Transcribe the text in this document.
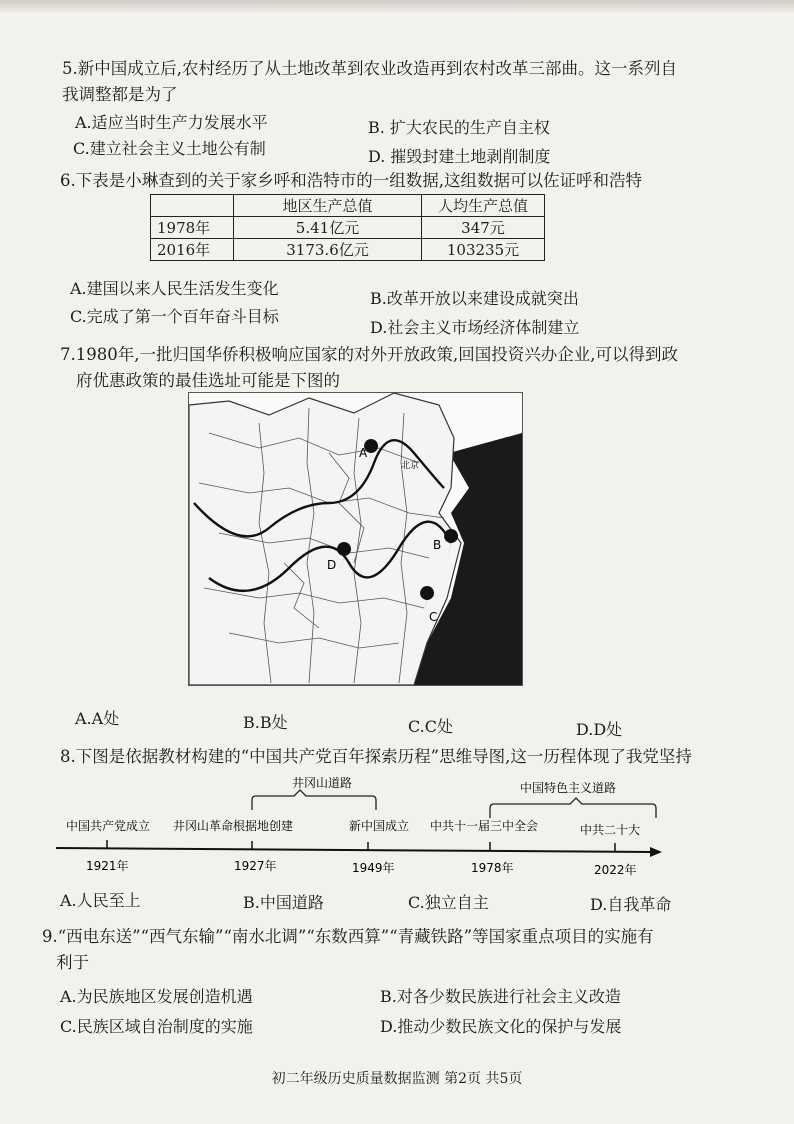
5.新中国成立后,农村经历了从土地改革到农业改造再到农村改革三部曲。这一系列自
我调整都是为了
A.适应当时生产力发展水平	B. 扩大农民的生产自主权
C.建立社会主义土地公有制	D. 摧毁封建土地剥削制度
6.下表是小琳查到的关于家乡呼和浩特市的一组数据,这组数据可以佐证呼和浩特
	地区生产总值	人均生产总值
1978年	5.41亿元	347元
2016年	3173.6亿元	103235元
A.建国以来人民生活发生变化
B.改革开放以来建设成就突出
C.完成了第一个百年奋斗目标
D.社会主义市场经济体制建立
7.1980年,一批归国华侨积极响应国家的对外开放政策,回国投资兴办企业,可以得到政
府优惠政策的最佳选址可能是下图的
A
北京
B
C
D
A.A处	B.B处	C.C处	D.D处
8.下图是依据教材构建的“中国共产党百年探索历程”思维导图,这一历程体现了我党坚持
井冈山道路	中国特色主义道路
中国共产党成立 井冈山革命根据地创建	新中国成立 中共十一届三中全会	中共二十大
1921年	1927年	1949年	1978年	2022年
A.人民至上	B.中国道路	C.独立自主	D.自我革命
9.“西电东送”“西气东输”“南水北调”“东数西算”“青藏铁路”等国家重点项目的实施有
利于
A.为民族地区发展创造机遇	B.对各少数民族进行社会主义改造
C.民族区域自治制度的实施	D.推动少数民族文化的保护与发展
初二年级历史质量数据监测 第2页 共5页
